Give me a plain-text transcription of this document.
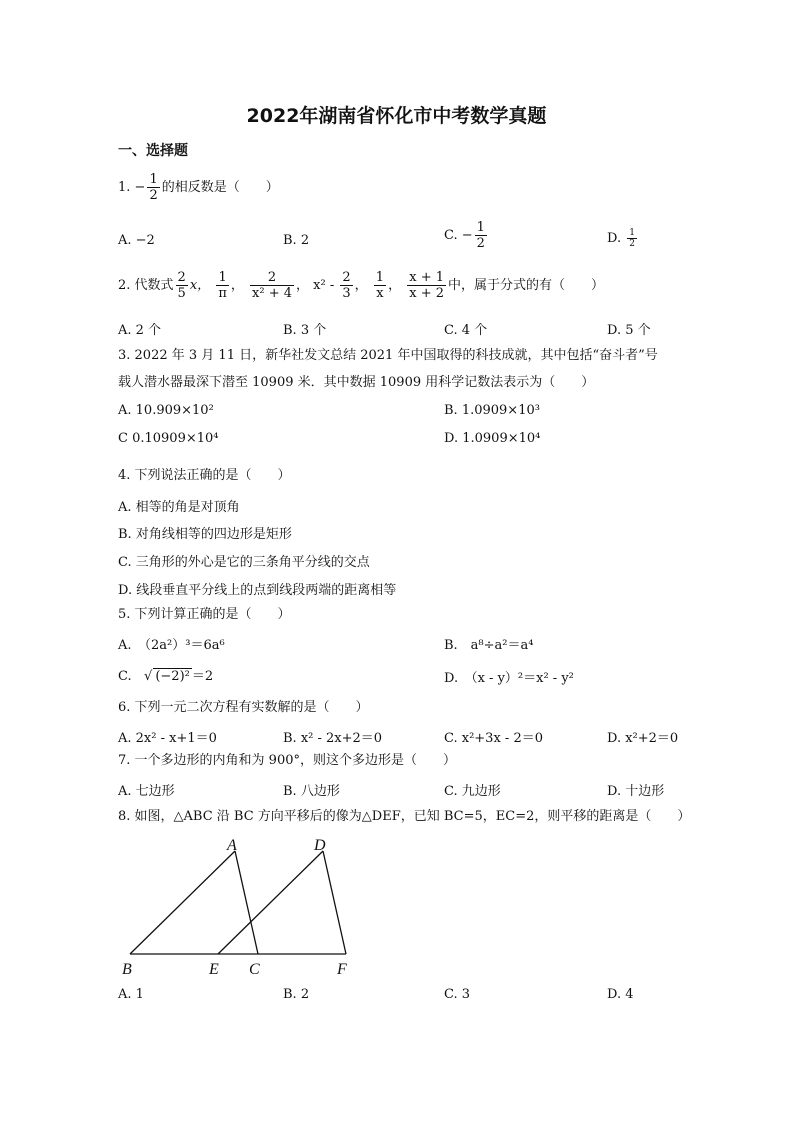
2022年湖南省怀化市中考数学真题
一、选择题
1. − $\frac{1}{2}$ 的相反数是（　　）
A. −2	B. 2	C. − $\frac{1}{2}$	D. $\frac{1}{2}$
2. 代数式 $\frac{2}{5}$ x， $\frac{1}{\pi}$ ， $\frac{2}{\text{x² + 4}}$ ， $x^2 - \frac{2}{3}$ ， $\frac{1}{x}$ ， $\frac{x + 1}{x + 2}$ 中，属于分式的有（　　）
A. 2 个	B. 3 个	C. 4 个	D. 5 个
3. 2022 年 3 月 11 日，新华社发文总结 2021 年中国取得的科技成就，其中包括“奋斗者”号
载人潜水器最深下潜至 10909 米．其中数据 10909 用科学记数法表示为（　　）
A. 10.909×10²	B. 1.0909×10³
C 0.10909×10⁴	D. 1.0909×10⁴
4. 下列说法正确的是（　　）
A. 相等的角是对顶角
B. 对角线相等的四边形是矩形
C. 三角形的外心是它的三条角平分线的交点
D. 线段垂直平分线上的点到线段两端的距离相等
5. 下列计算正确的是（　　）
A.　（2a²）³＝6a⁶	B.　a⁸÷a²＝a⁴
C. √ (−2)² ＝2	D.　（x - y）²＝x² - y²
6. 下列一元二次方程有实数解的是（　　）
A. 2x² - x+1＝0	B. x² - 2x+2＝0	C. x²+3x - 2＝0	D. x²+2＝0
7. 一个多边形的内角和为 900°，则这个多边形是（　　）
A. 七边形	B. 八边形	C. 九边形	D. 十边形
8. 如图，△ABC 沿 BC 方向平移后的像为△DEF，已知 BC=5，EC=2，则平移的距离是（　　）
A	D
B	E C	F
A. 1	B. 2	C. 3	D. 4
